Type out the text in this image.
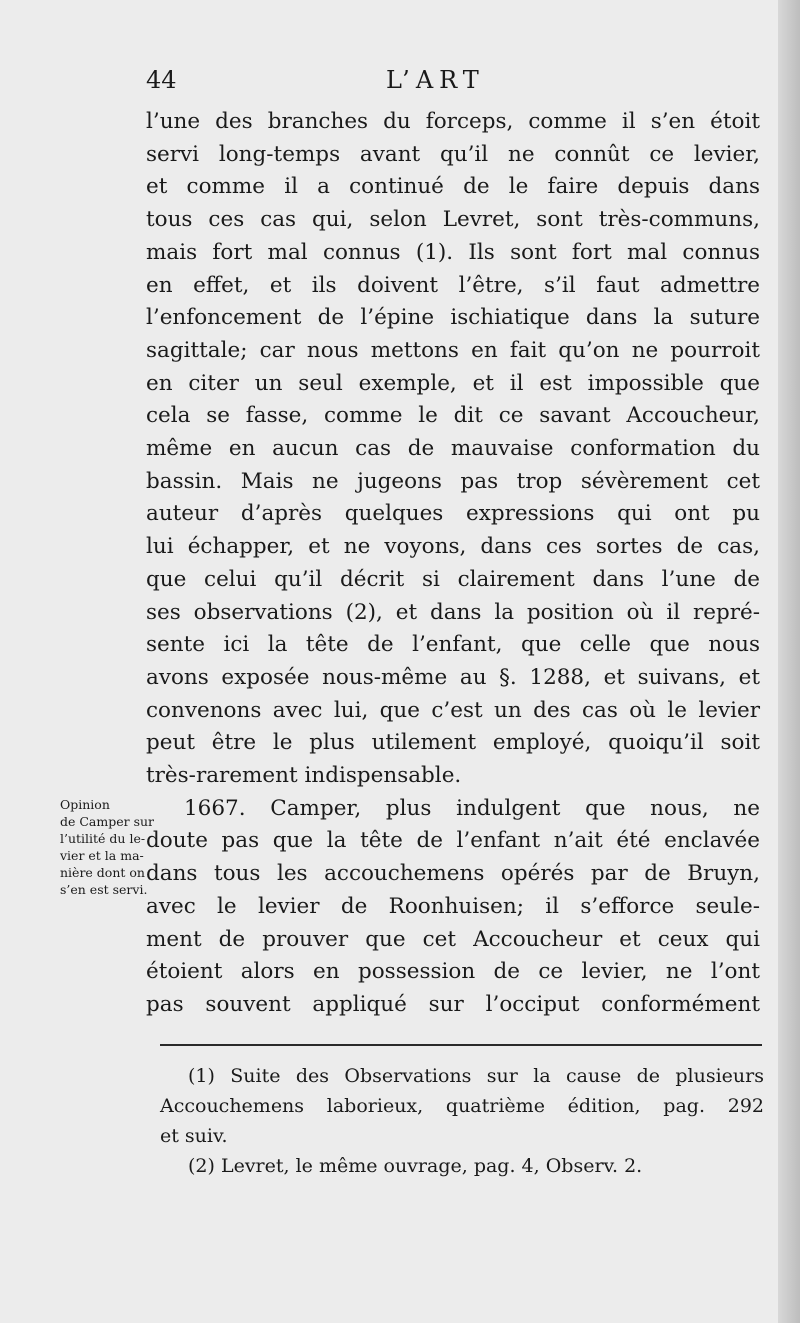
44	L’ART
l’une des branches du forceps, comme il s’en étoit
servi long-temps avant qu’il ne connût ce levier,
et comme il a continué de le faire depuis dans
tous ces cas qui, selon Levret, sont très-communs,
mais fort mal connus (1). Ils sont fort mal connus
en effet, et ils doivent l’être, s’il faut admettre
l’enfoncement de l’épine ischiatique dans la suture
sagittale; car nous mettons en fait qu’on ne pourroit
en citer un seul exemple, et il est impossible que
cela se fasse, comme le dit ce savant Accoucheur,
même en aucun cas de mauvaise conformation du
bassin. Mais ne jugeons pas trop sévèrement cet
auteur d’après quelques expressions qui ont pu
lui échapper, et ne voyons, dans ces sortes de cas,
que celui qu’il décrit si clairement dans l’une de
ses observations (2), et dans la position où il repré-
sente ici la tête de l’enfant, que celle que nous
avons exposée nous-même au §. 1288, et suivans, et
convenons avec lui, que c’est un des cas où le levier
peut être le plus utilement employé, quoiqu’il soit
très-rarement indispensable.
1667. Camper, plus indulgent que nous, ne
doute pas que la tête de l’enfant n’ait été enclavée
dans tous les accouchemens opérés par de Bruyn,
avec le levier de Roonhuisen; il s’efforce seule-
ment de prouver que cet Accoucheur et ceux qui
étoient alors en possession de ce levier, ne l’ont
pas souvent appliqué sur l’occiput conformément
Opinion
de Camper sur
l’utilité du le-
vier et la ma-
nière dont on
s’en est servi.
(1) Suite des Observations sur la cause de plusieurs
Accouchemens laborieux, quatrième édition, pag. 292
et suiv.
(2) Levret, le même ouvrage, pag. 4, Observ. 2.
